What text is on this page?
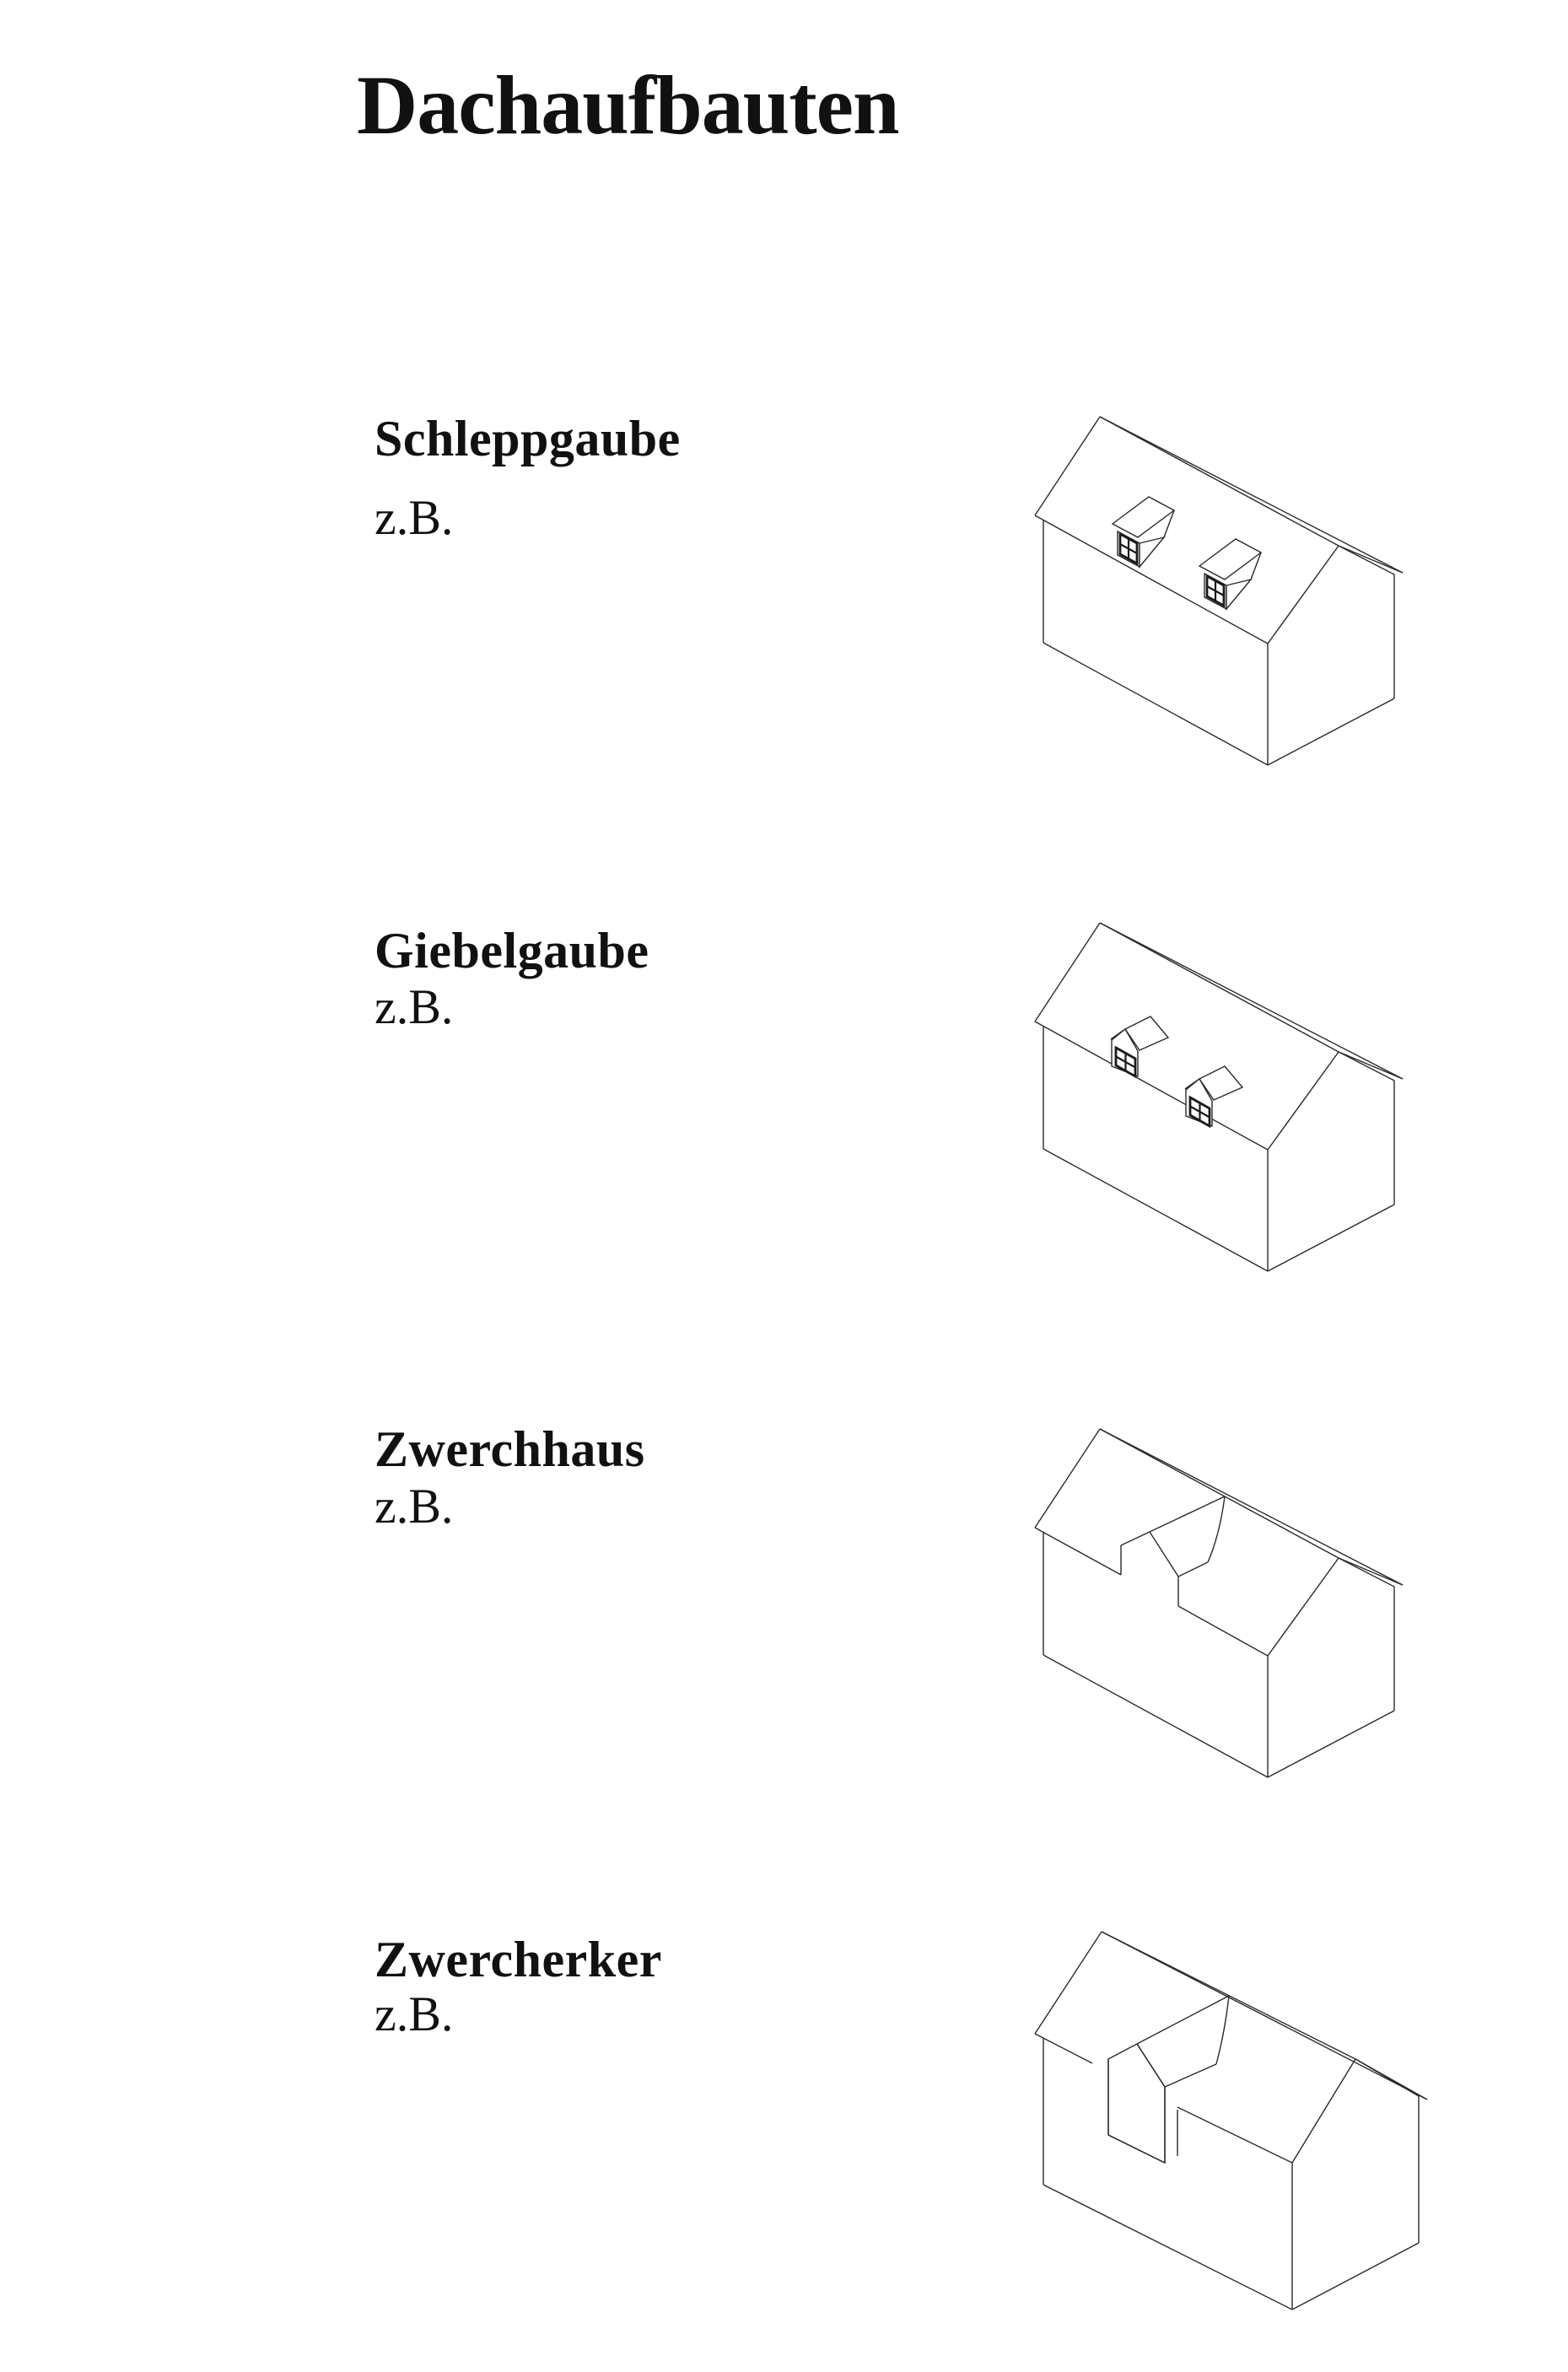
Dachaufbauten
Schleppgaube
z.B.
Giebelgaube
z.B.
Zwerchhaus
z.B.
Zwercherker
z.B.
